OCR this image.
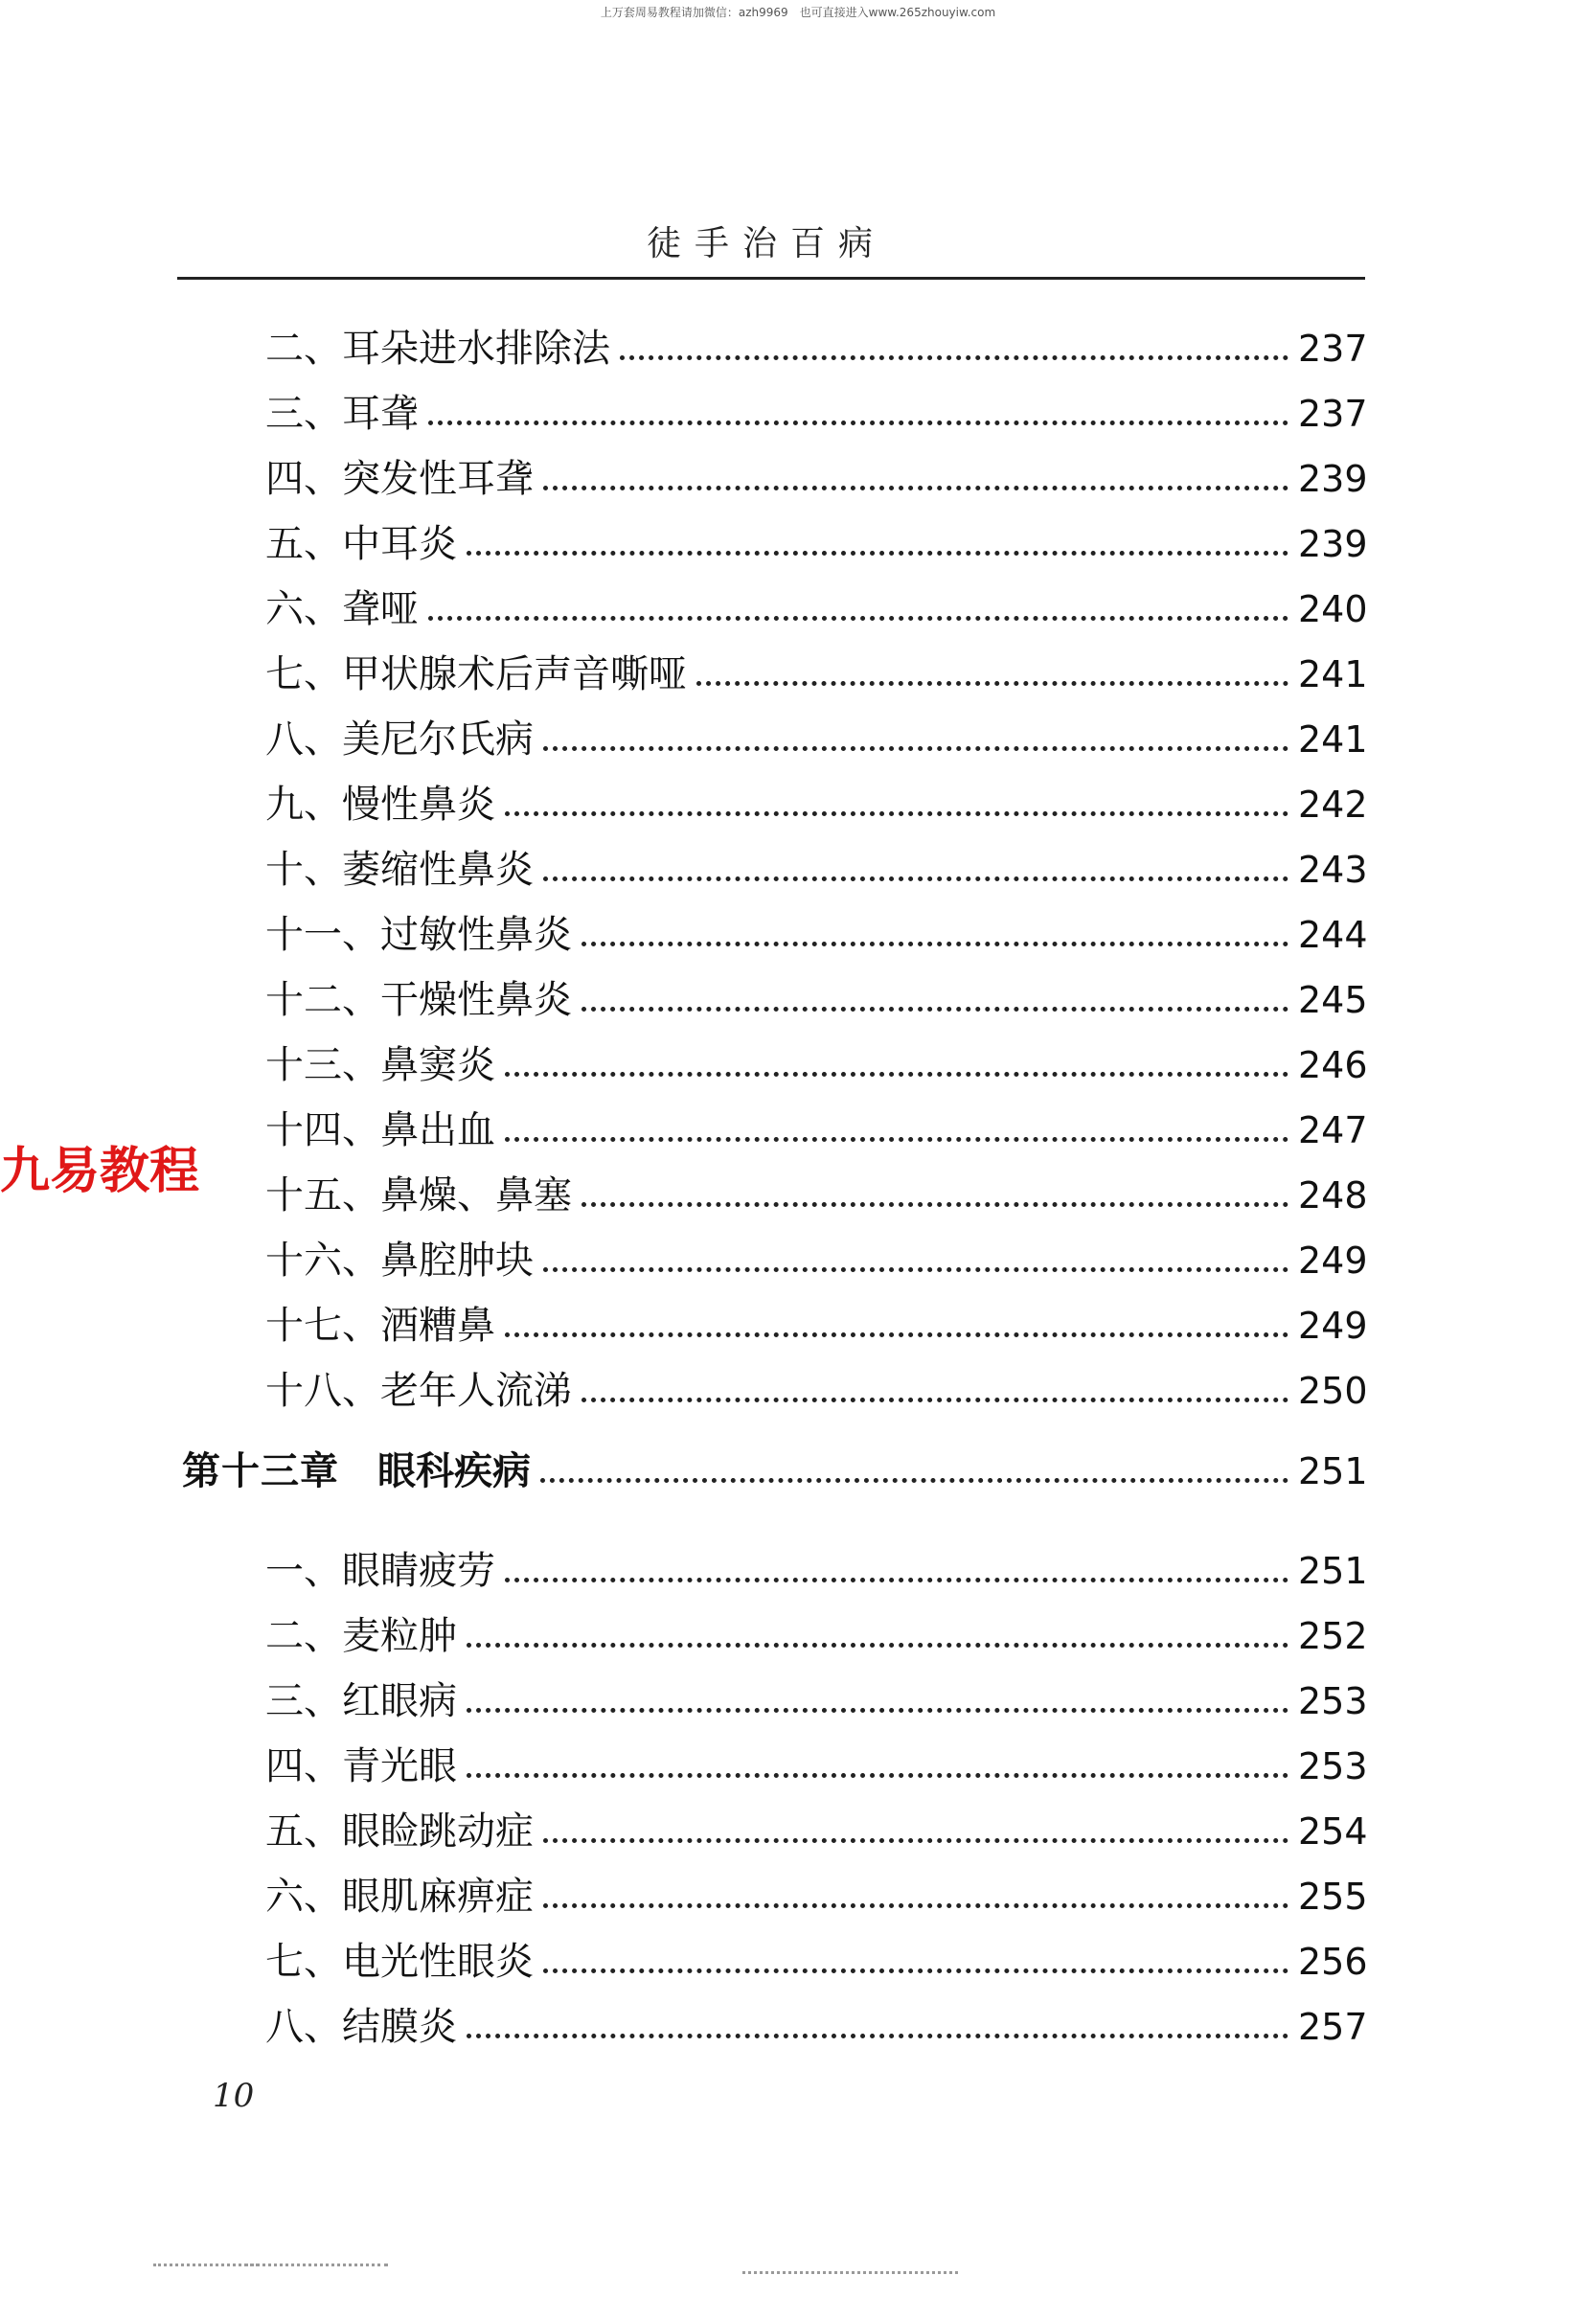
上万套周易教程请加微信：azh9969　也可直接进入www.265zhouyiw.com
徒手治百病
二、耳朵进水排除法	237
三、耳聋	237
四、突发性耳聋	239
五、中耳炎	239
六、聋哑	240
七、甲状腺术后声音嘶哑	241
八、美尼尔氏病	241
九、慢性鼻炎	242
十、萎缩性鼻炎	243
十一、过敏性鼻炎	244
十二、干燥性鼻炎	245
十三、鼻窦炎	246
十四、鼻出血	247
十五、鼻燥、鼻塞	248
十六、鼻腔肿块	249
十七、酒糟鼻	249
十八、老年人流涕	250
第十三章 眼科疾病	251
一、眼睛疲劳	251
二、麦粒肿	252
三、红眼病	253
四、青光眼	253
五、眼睑跳动症	254
六、眼肌麻痹症	255
七、电光性眼炎	256
八、结膜炎	257
九易教程
10
